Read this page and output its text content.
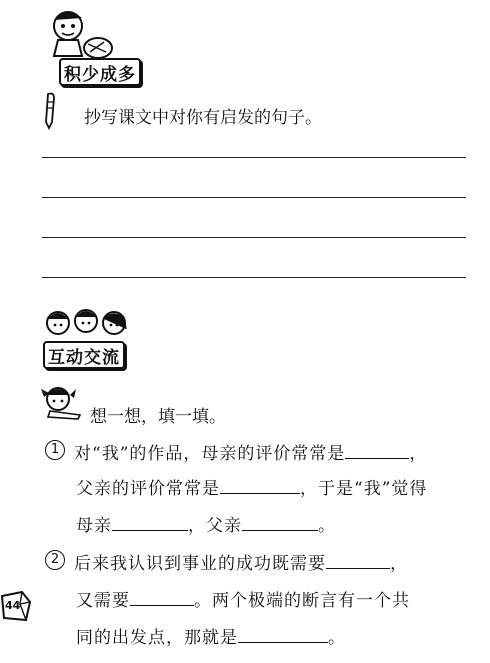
积少成多
抄写课文中对你有启发的句子。
互动交流
想一想，填一填。
1 对“我”的作品，母亲的评价常常是	，
父亲的评价常常是	，于是“我”觉得
母亲	，父亲	。
2 后来我认识到事业的成功既需要	，
又需要	。两个极端的断言有一个共
同的出发点，那就是	。
44
